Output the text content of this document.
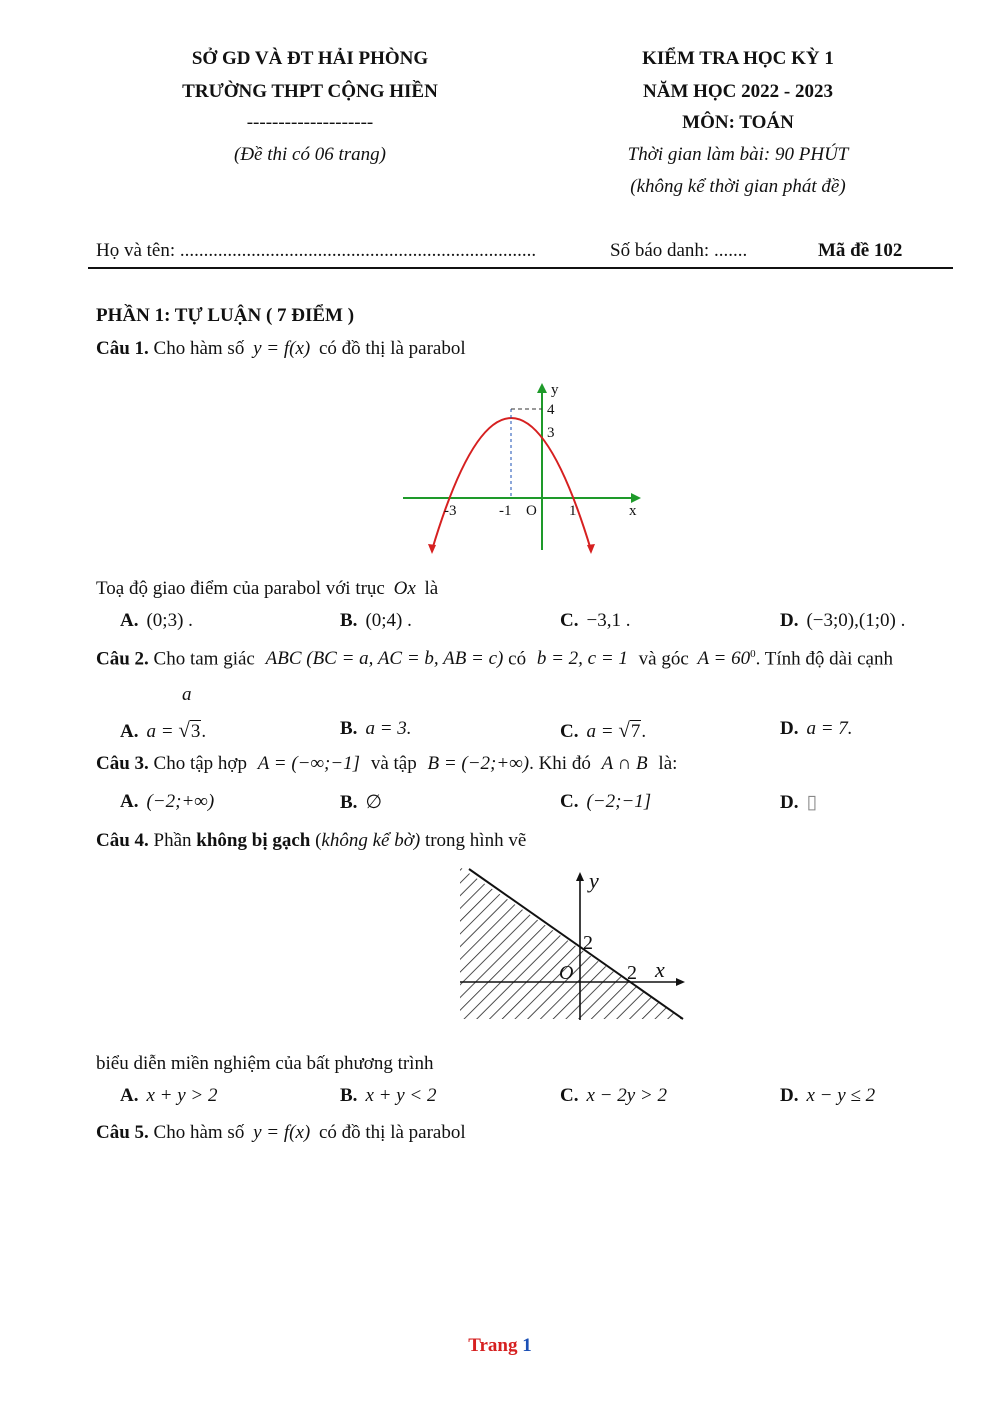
SỞ GD VÀ ĐT HẢI PHÒNG
TRƯỜNG THPT CỘNG HIỀN
--------------------
(Đề thi có 06 trang)
KIỂM TRA HỌC KỲ 1
NĂM HỌC 2022 - 2023
MÔN: TOÁN
Thời gian làm bài: 90 PHÚT
(không kể thời gian phát đề)
Họ và tên: ...........................................................................	Số báo danh: .......	Mã đề 102
PHẦN 1: TỰ LUẬN ( 7 ĐIỂM )
Câu 1. Cho hàm số y = f(x) có đồ thị là parabol
y
4
3
-3	-1 O 1	x
Toạ độ giao điểm của parabol với trục Ox là
A. (0;3) .	B. (0;4) .	C. −3,1 .	D. (−3;0),(1;0) .
Câu 2. Cho tam giác ABC (BC = a, AC = b, AB = c) có b = 2, c = 1 và góc $A = 60^0$. Tính độ dài cạnh
a
A. a = √3.	B. a = 3.	C. a = √7.	D. a = 7.
Câu 3. Cho tập hợp A = (−∞;−1] và tập B = (−2;+∞). Khi đó A ∩ B là:
A. (−2;+∞)	B. ∅	C. (−2;−1]	D. ▯
Câu 4. Phần không bị gạch (không kể bờ) trong hình vẽ
y
2
O	2 x
biểu diễn miền nghiệm của bất phương trình
A. x + y > 2	B. x + y < 2	C. x − 2y > 2	D. x − y ≤ 2
Câu 5. Cho hàm số y = f(x) có đồ thị là parabol
Trang 1
